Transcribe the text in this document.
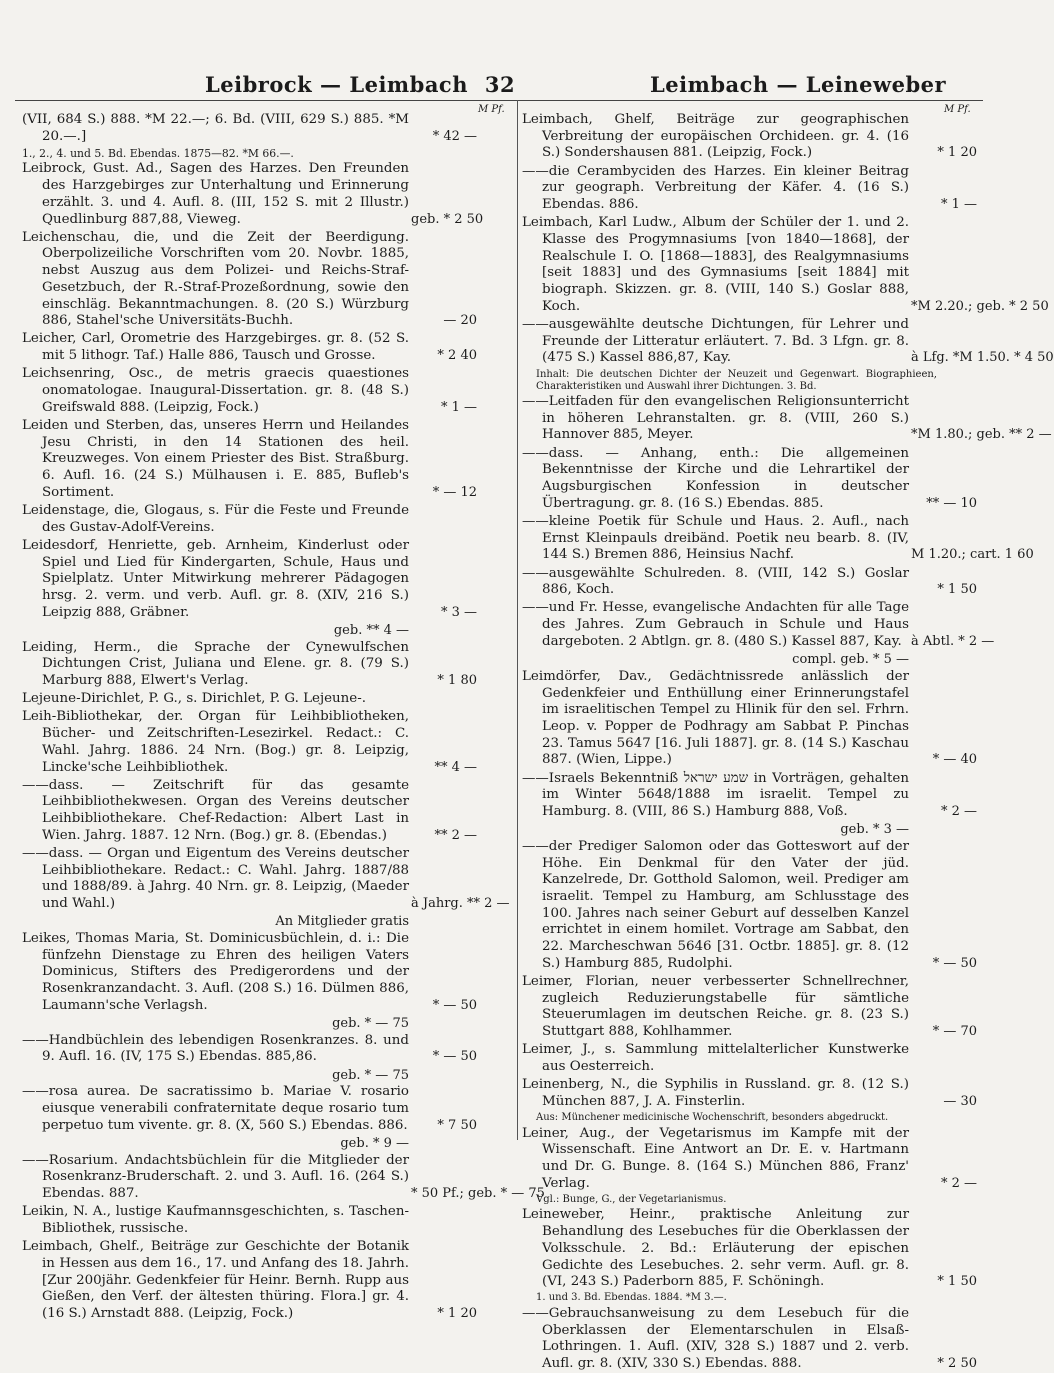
Leibrock — Leimbach 32	Leimbach — Leineweber
M Pf.	M Pf.
(VII, 684 S.) 888. *M 22.—; 6. Bd. (VIII, 629 S.) 885. *M 20.—.]	* 42 —
1., 2., 4. und 5. Bd. Ebendas. 1875—82. *M 66.—.
Leibrock, Gust. Ad., Sagen des Harzes. Den Freunden des Harzgebirges zur Unterhaltung und Erinnerung erzählt. 3. und 4. Aufl. 8. (III, 152 S. mit 2 Illustr.) Quedlinburg 887,88, Vieweg.	geb. * 2 50
Leichenschau, die, und die Zeit der Beerdigung. Oberpolizeiliche Vorschriften vom 20. Novbr. 1885, nebst Auszug aus dem Polizei- und Reichs-Straf-Gesetzbuch, der R.-Straf-Prozeßordnung, sowie den einschläg. Bekanntmachungen. 8. (20 S.) Würzburg 886, Stahel'sche Universitäts-Buchh.	— 20
Leicher, Carl, Orometrie des Harzgebirges. gr. 8. (52 S. mit 5 lithogr. Taf.) Halle 886, Tausch und Grosse.	* 2 40
Leichsenring, Osc., de metris graecis quaestiones onomatologae. Inaugural-Dissertation. gr. 8. (48 S.) Greifswald 888. (Leipzig, Fock.)	* 1 —
Leiden und Sterben, das, unseres Herrn und Heilandes Jesu Christi, in den 14 Stationen des heil. Kreuzweges. Von einem Priester des Bist. Straßburg. 6. Aufl. 16. (24 S.) Mülhausen i. E. 885, Bufleb's Sortiment.	* — 12
Leidenstage, die, Glogaus, s. Für die Feste und Freunde des Gustav-Adolf-Vereins.
Leidesdorf, Henriette, geb. Arnheim, Kinderlust oder Spiel und Lied für Kindergarten, Schule, Haus und Spielplatz. Unter Mitwirkung mehrerer Pädagogen hrsg. 2. verm. und verb. Aufl. gr. 8. (XIV, 216 S.) Leipzig 888, Gräbner.	* 3 —
geb. ** 4 —
Leiding, Herm., die Sprache der Cynewulfschen Dichtungen Crist, Juliana und Elene. gr. 8. (79 S.) Marburg 888, Elwert's Verlag.	* 1 80
Lejeune-Dirichlet, P. G., s. Dirichlet, P. G. Lejeune-.
Leih-Bibliothekar, der. Organ für Leihbibliotheken, Bücher- und Zeitschriften-Lesezirkel. Redact.: C. Wahl. Jahrg. 1886. 24 Nrn. (Bog.) gr. 8. Leipzig, Lincke'sche Leihbibliothek.	** 4 —
—— dass. — Zeitschrift für das gesamte Leihbibliothekwesen. Organ des Vereins deutscher Leihbibliothekare. Chef-Redaction: Albert Last in Wien. Jahrg. 1887. 12 Nrn. (Bog.) gr. 8. (Ebendas.)	** 2 —
—— dass. — Organ und Eigentum des Vereins deutscher Leihbibliothekare. Redact.: C. Wahl. Jahrg. 1887/88 und 1888/89. à Jahrg. 40 Nrn. gr. 8. Leipzig, (Maeder und Wahl.)	à Jahrg. ** 2 —
An Mitglieder gratis
Leikes, Thomas Maria, St. Dominicusbüchlein, d. i.: Die fünfzehn Dienstage zu Ehren des heiligen Vaters Dominicus, Stifters des Predigerordens und der Rosenkranzandacht. 3. Aufl. (208 S.) 16. Dülmen 886, Laumann'sche Verlagsh.	* — 50
geb. * — 75
—— Handbüchlein des lebendigen Rosenkranzes. 8. und 9. Aufl. 16. (IV, 175 S.) Ebendas. 885,86.	* — 50
geb. * — 75
—— rosa aurea. De sacratissimo b. Mariae V. rosario eiusque venerabili confraternitate deque rosario tum perpetuo tum vivente. gr. 8. (X, 560 S.) Ebendas. 886.	* 7 50
geb. * 9 —
—— Rosarium. Andachtsbüchlein für die Mitglieder der Rosenkranz-Bruderschaft. 2. und 3. Aufl. 16. (264 S.) Ebendas. 887.	* 50 Pf.; geb. * — 75
Leikin, N. A., lustige Kaufmannsgeschichten, s. Taschen-Bibliothek, russische.
Leimbach, Ghelf., Beiträge zur Geschichte der Botanik in Hessen aus dem 16., 17. und Anfang des 18. Jahrh. [Zur 200jähr. Gedenkfeier für Heinr. Bernh. Rupp aus Gießen, den Verf. der ältesten thüring. Flora.] gr. 4. (16 S.) Arnstadt 888. (Leipzig, Fock.)	* 1 20
Leimbach, Ghelf, Beiträge zur geographischen Verbreitung der europäischen Orchideen. gr. 4. (16 S.) Sondershausen 881. (Leipzig, Fock.)	* 1 20
—— die Cerambyciden des Harzes. Ein kleiner Beitrag zur geograph. Verbreitung der Käfer. 4. (16 S.) Ebendas. 886.	* 1 —
Leimbach, Karl Ludw., Album der Schüler der 1. und 2. Klasse des Progymnasiums [von 1840—1868], der Realschule I. O. [1868—1883], des Realgymnasiums [seit 1883] und des Gymnasiums [seit 1884] mit biograph. Skizzen. gr. 8. (VIII, 140 S.) Goslar 888, Koch.	*M 2.20.; geb. * 2 50
—— ausgewählte deutsche Dichtungen, für Lehrer und Freunde der Litteratur erläutert. 7. Bd. 3 Lfgn. gr. 8. (475 S.) Kassel 886,87, Kay.	à Lfg. *M 1.50. * 4 50
Inhalt: Die deutschen Dichter der Neuzeit und Gegenwart. Biographieen, Charakteristiken und Auswahl ihrer Dichtungen. 3. Bd.
—— Leitfaden für den evangelischen Religionsunterricht in höheren Lehranstalten. gr. 8. (VIII, 260 S.) Hannover 885, Meyer.	*M 1.80.; geb. ** 2 —
—— dass. — Anhang, enth.: Die allgemeinen Bekenntnisse der Kirche und die Lehrartikel der Augsburgischen Konfession in deutscher Übertragung. gr. 8. (16 S.) Ebendas. 885.	** — 10
—— kleine Poetik für Schule und Haus. 2. Aufl., nach Ernst Kleinpauls dreibänd. Poetik neu bearb. 8. (IV, 144 S.) Bremen 886, Heinsius Nachf.	M 1.20.; cart. 1 60
—— ausgewählte Schulreden. 8. (VIII, 142 S.) Goslar 886, Koch.	* 1 50
—— und Fr. Hesse, evangelische Andachten für alle Tage des Jahres. Zum Gebrauch in Schule und Haus dargeboten. 2 Abtlgn. gr. 8. (480 S.) Kassel 887, Kay. à Abtl. * 2 —
compl. geb. * 5 —
Leimdörfer, Dav., Gedächtnissrede anlässlich der Gedenkfeier und Enthüllung einer Erinnerungstafel im israelitischen Tempel zu Hlinik für den sel. Frhrn. Leop. v. Popper de Podhragy am Sabbat P. Pinchas 23. Tamus 5647 [16. Juli 1887]. gr. 8. (14 S.) Kaschau 887. (Wien, Lippe.)	* — 40
—— Israels Bekenntniß שמע ישראל in Vorträgen, gehalten im Winter 5648/1888 im israelit. Tempel zu Hamburg. 8. (VIII, 86 S.) Hamburg 888, Voß.	* 2 —
geb. * 3 —
—— der Prediger Salomon oder das Gotteswort auf der Höhe. Ein Denkmal für den Vater der jüd. Kanzelrede, Dr. Gotthold Salomon, weil. Prediger am israelit. Tempel zu Hamburg, am Schlusstage des 100. Jahres nach seiner Geburt auf desselben Kanzel errichtet in einem homilet. Vortrage am Sabbat, den 22. Marcheschwan 5646 [31. Octbr. 1885]. gr. 8. (12 S.) Hamburg 885, Rudolphi.	* — 50
Leimer, Florian, neuer verbesserter Schnellrechner, zugleich Reduzierungstabelle für sämtliche Steuerumlagen im deutschen Reiche. gr. 8. (23 S.) Stuttgart 888, Kohlhammer.	* — 70
Leimer, J., s. Sammlung mittelalterlicher Kunstwerke aus Oesterreich.
Leinenberg, N., die Syphilis in Russland. gr. 8. (12 S.) München 887, J. A. Finsterlin.	— 30
Aus: Münchener medicinische Wochenschrift, besonders abgedruckt.
Leiner, Aug., der Vegetarismus im Kampfe mit der Wissenschaft. Eine Antwort an Dr. E. v. Hartmann und Dr. G. Bunge. 8. (164 S.) München 886, Franz' Verlag.	* 2 —
Vgl.: Bunge, G., der Vegetarianismus.
Leineweber, Heinr., praktische Anleitung zur Behandlung des Lesebuches für die Oberklassen der Volksschule. 2. Bd.: Erläuterung der epischen Gedichte des Lesebuches. 2. sehr verm. Aufl. gr. 8. (VI, 243 S.) Paderborn 885, F. Schöningh.	* 1 50
1. und 3. Bd. Ebendas. 1884. *M 3.—.
—— Gebrauchsanweisung zu dem Lesebuch für die Oberklassen der Elementarschulen in Elsaß-Lothringen. 1. Aufl. (XIV, 328 S.) 1887 und 2. verb. Aufl. gr. 8. (XIV, 330 S.) Ebendas. 888.	* 2 50
